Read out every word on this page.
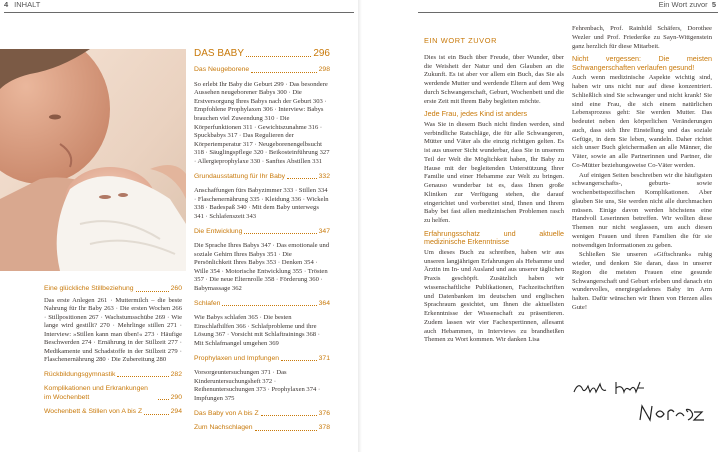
4 INHALT	Ein Wort zuvor 5
Eine glückliche Stillbeziehung	260
Das erste Anlegen 261 · Muttermilch – die beste Nahrung für Ihr Baby 263 · Die ersten Wochen 266 · Stillpositionen 267 · Wachstumsschübe 269 · Wie lange wird gestillt? 270 · Mehrlinge stillen 271 · Interview: »Stillen kann man üben!« 273 · Häufige Beschwerden 274 · Ernährung in der Stillzeit 277 · Medikamente und Schadstoffe in der Stillzeit 279 · Flaschenernährung 280 · Die Zubereitung 280
Rückbildungsgymnastik	282
Komplikationen und Erkrankungen im Wochenbett	290
Wochenbett & Stillen von A bis Z	294
DAS BABY	296
Das Neugeborene	298
So erlebt Ihr Baby die Geburt 299 · Das besondere Aussehen neugeborener Babys 300 · Die Erstversorgung Ihres Babys nach der Geburt 303 · Empfohlene Prophylaxen 306 · Interview: Babys brauchen viel Zuwendung 310 · Die Körperfunktionen 311 · Gewichtszunahme 316 · Spuckbabys 317 · Das Regulieren der Körpertemperatur 317 · Neugeborenengelbsucht 318 · Säuglingspflege 320 · Beikosteinführung 327 · Allergieprophylaxe 330 · Sanftes Abstillen 331
Grundausstattung für Ihr Baby	332
Anschaffungen fürs Babyzimmer 333 · Stillen 334 · Flaschenernährung 335 · Kleidung 336 · Wickeln 338 · Badespaß 340 · Mit dem Baby unterwegs 341 · Schlafenszeit 343
Die Entwicklung	347
Die Sprache Ihres Babys 347 · Das emotionale und soziale Gehirn Ihres Babys 351 · Die Persönlichkeit Ihres Babys 353 · Denken 354 · Wille 354 · Motorische Entwicklung 355 · Trösten 357 · Die neue Elternrolle 358 · Förderung 360 · Babymassage 362
Schlafen	364
Wie Babys schlafen 365 · Die besten Einschlafhilfen 366 · Schlafprobleme und ihre Lösung 367 · Vorsicht mit Schlaftrainings 368 · Mit Schlafmangel umgehen 369
Prophylaxen und Impfungen	371
Vorsorgeuntersuchungen 371 · Das Kinderuntersuchungsheft 372 · Reihenuntersuchungen 373 · Prophylaxen 374 · Impfungen 375
Das Baby von A bis Z	376
Zum Nachschlagen	378
EIN WORT ZUVOR

Dies ist ein Buch über Freude, über Wunder, über die Weisheit der Natur und den Glauben an die Zukunft. Es ist aber vor allem ein Buch, das Sie als werdende Mutter und werdende Eltern auf dem Weg durch Schwangerschaft, Geburt, Wochenbett und die erste Zeit mit Ihrem Baby begleiten möchte.

Jede Frau, jedes Kind ist anders

Was Sie in diesem Buch nicht finden werden, sind verbindliche Ratschläge, die für alle Schwangeren, Mütter und Väter als die einzig richtigen gelten. Es ist aus unserer Sicht wunderbar, dass Sie in unserem Teil der Welt die Möglichkeit haben, Ihr Baby zu Hause mit der begleitenden Unterstützung Ihrer Familie und einer Hebamme zur Welt zu bringen. Genauso wunderbar ist es, dass Ihnen große Kliniken zur Verfügung stehen, die darauf eingerichtet und vorbereitet sind, Ihnen und Ihrem Baby bei fast allen medizinischen Problemen rasch zu helfen.

Erfahrungsschatz und aktuelle medizinische Erkenntnisse

Um dieses Buch zu schreiben, haben wir aus unseren langjährigen Erfahrungen als Hebamme und Ärztin im In- und Ausland und aus unserer täglichen Praxis geschöpft. Zusätzlich haben wir wissenschaftliche Publikationen, Fachzeitschriften und Datenbanken im deutschen und englischen Sprachraum gesichtet, um Ihnen die aktuellsten Erkenntnisse der Wissenschaft zu präsentieren. Zudem lassen wir vier Fachexpertinnen, allesamt auch Hebammen, in Interviews zu brandheißen Themen zu Wort kommen. Wir danken Lisa

Fehrenbach, Prof. Rainhild Schäfers, Dorothee Wezler und Prof. Friederike zu Sayn-Wittgenstein ganz herzlich für diese Mitarbeit.

Nicht vergessen: Die meisten Schwangerschaften verlaufen gesund!

Auch wenn medizinische Aspekte wichtig sind, haben wir uns nicht nur auf diese konzentriert. Schließlich sind Sie schwanger und nicht krank! Sie sind eine Frau, die sich einem natürlichen Lebensprozess geht: Sie werden Mutter. Das bedeutet neben den körperlichen Veränderungen auch, dass sich Ihre Einstellung und das soziale Gefüge, in dem Sie leben, wandeln. Daher richtet sich unser Buch gleichermaßen an alle Männer, die Väter, sowie an alle Partnerinnen und Partner, die Co-Mütter beziehungsweise Co-Väter werden.

Auf einigen Seiten beschreiben wir die häufigsten schwangerschafts-, geburts- sowie wochenbettspezifischen Komplikationen. Aber glauben Sie uns, Sie werden nicht alle durchmachen müssen. Einige davon werden höchstens eine Handvoll Leserinnen betreffen. Wir wollten diese Themen nur nicht weglassen, um auch diesen wenigen Frauen und ihren Familien die für sie notwendigen Informationen zu geben.

Schließen Sie unseren »Giftschrank« ruhig wieder, und denken Sie daran, dass in unserer Region die meisten Frauen eine gesunde Schwangerschaft und Geburt erleben und danach ein wundervolles, energiegeladenes Baby im Arm halten. Dafür wünschen wir Ihnen von Herzen alles Gute!
